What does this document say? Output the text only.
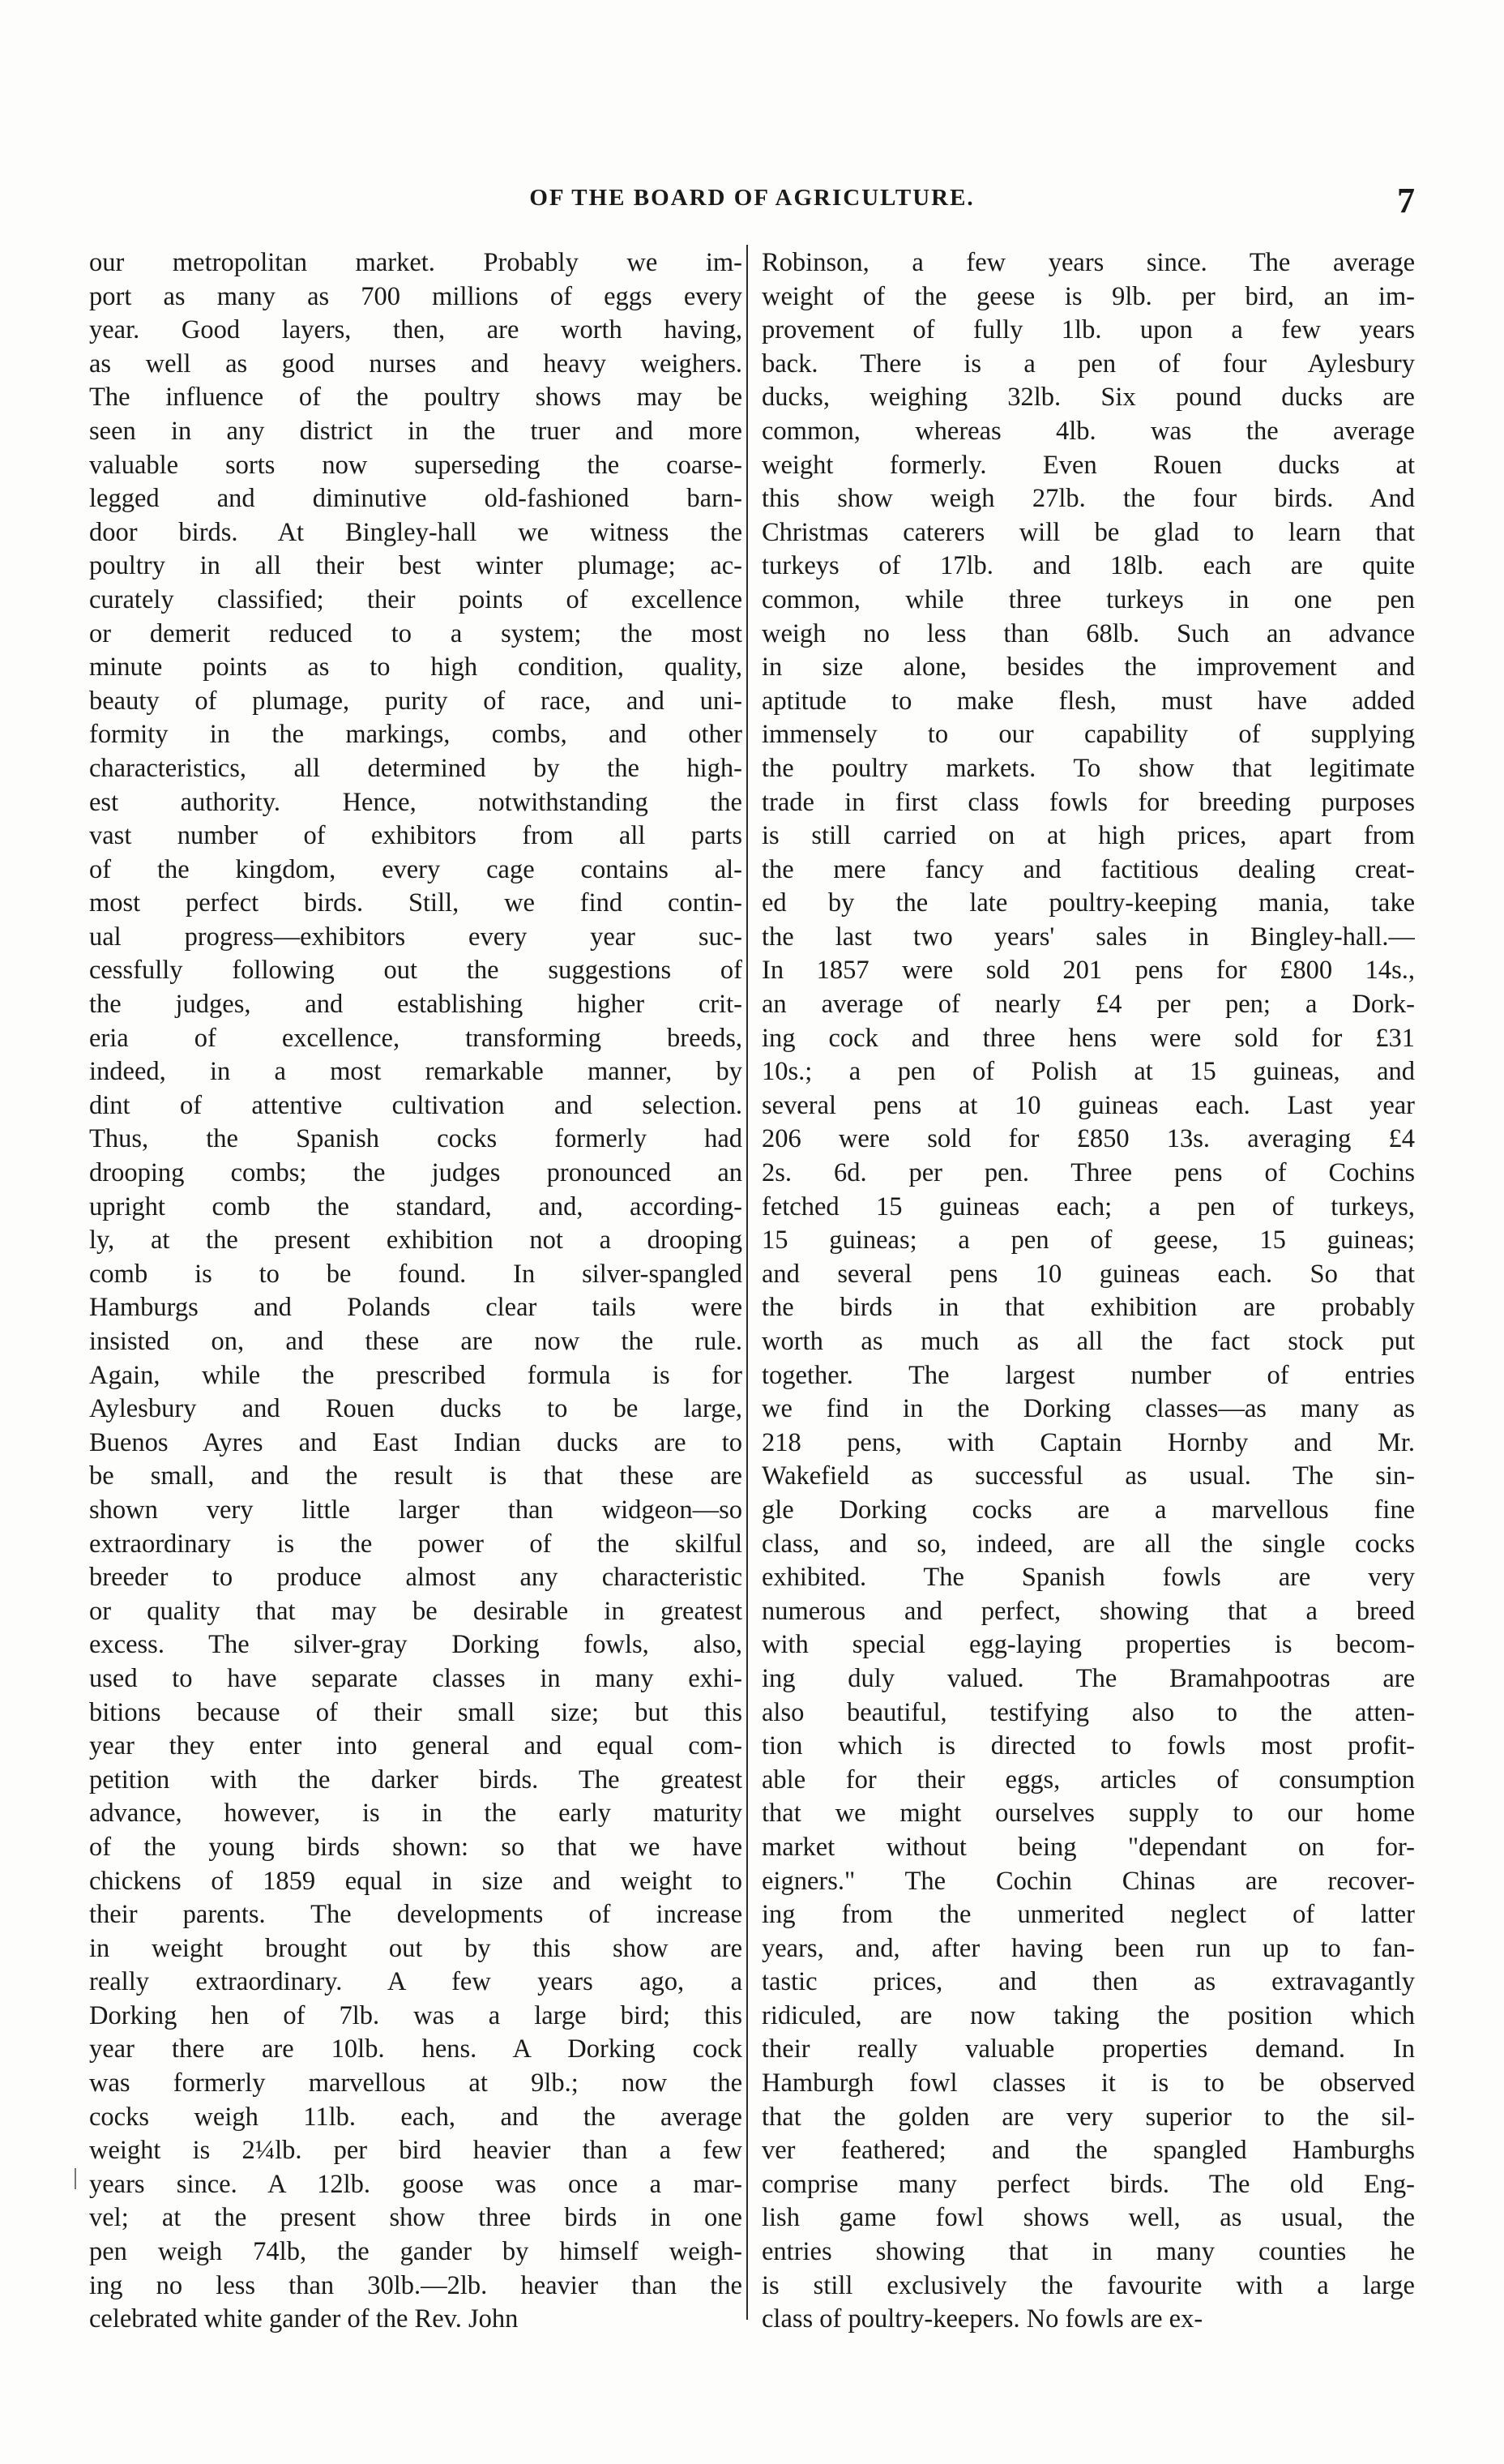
OF THE BOARD OF AGRICULTURE.	7
our metropolitan market. Probably we im-
port as many as 700 millions of eggs every
year. Good layers, then, are worth having,
as well as good nurses and heavy weighers.
The influence of the poultry shows may be
seen in any district in the truer and more
valuable sorts now superseding the coarse-
legged and diminutive old-fashioned barn-
door birds. At Bingley-hall we witness the
poultry in all their best winter plumage; ac-
curately classified; their points of excellence
or demerit reduced to a system; the most
minute points as to high condition, quality,
beauty of plumage, purity of race, and uni-
formity in the markings, combs, and other
characteristics, all determined by the high-
est authority. Hence, notwithstanding the
vast number of exhibitors from all parts
of the kingdom, every cage contains al-
most perfect birds. Still, we find contin-
ual progress—exhibitors every year suc-
cessfully following out the suggestions of
the judges, and establishing higher crit-
eria of excellence, transforming breeds,
indeed, in a most remarkable manner, by
dint of attentive cultivation and selection.
Thus, the Spanish cocks formerly had
drooping combs; the judges pronounced an
upright comb the standard, and, according-
ly, at the present exhibition not a drooping
comb is to be found. In silver-spangled
Hamburgs and Polands clear tails were
insisted on, and these are now the rule.
Again, while the prescribed formula is for
Aylesbury and Rouen ducks to be large,
Buenos Ayres and East Indian ducks are to
be small, and the result is that these are
shown very little larger than widgeon—so
extraordinary is the power of the skilful
breeder to produce almost any characteristic
or quality that may be desirable in greatest
excess. The silver-gray Dorking fowls, also,
used to have separate classes in many exhi-
bitions because of their small size; but this
year they enter into general and equal com-
petition with the darker birds. The greatest
advance, however, is in the early maturity
of the young birds shown: so that we have
chickens of 1859 equal in size and weight to
their parents. The developments of increase
in weight brought out by this show are
really extraordinary. A few years ago, a
Dorking hen of 7lb. was a large bird; this
year there are 10lb. hens. A Dorking cock
was formerly marvellous at 9lb.; now the
cocks weigh 11lb. each, and the average
weight is 2¼lb. per bird heavier than a few
years since. A 12lb. goose was once a mar-
vel; at the present show three birds in one
pen weigh 74lb, the gander by himself weigh-
ing no less than 30lb.—2lb. heavier than the
celebrated white gander of the Rev. John
Robinson, a few years since. The average
weight of the geese is 9lb. per bird, an im-
provement of fully 1lb. upon a few years
back. There is a pen of four Aylesbury
ducks, weighing 32lb. Six pound ducks are
common, whereas 4lb. was the average
weight formerly. Even Rouen ducks at
this show weigh 27lb. the four birds. And
Christmas caterers will be glad to learn that
turkeys of 17lb. and 18lb. each are quite
common, while three turkeys in one pen
weigh no less than 68lb. Such an advance
in size alone, besides the improvement and
aptitude to make flesh, must have added
immensely to our capability of supplying
the poultry markets. To show that legitimate
trade in first class fowls for breeding purposes
is still carried on at high prices, apart from
the mere fancy and factitious dealing creat-
ed by the late poultry-keeping mania, take
the last two years' sales in Bingley-hall.—
In 1857 were sold 201 pens for £800 14s.,
an average of nearly £4 per pen; a Dork-
ing cock and three hens were sold for £31
10s.; a pen of Polish at 15 guineas, and
several pens at 10 guineas each. Last year
206 were sold for £850 13s. averaging £4
2s. 6d. per pen. Three pens of Cochins
fetched 15 guineas each; a pen of turkeys,
15 guineas; a pen of geese, 15 guineas;
and several pens 10 guineas each. So that
the birds in that exhibition are probably
worth as much as all the fact stock put
together. The largest number of entries
we find in the Dorking classes—as many as
218 pens, with Captain Hornby and Mr.
Wakefield as successful as usual. The sin-
gle Dorking cocks are a marvellous fine
class, and so, indeed, are all the single cocks
exhibited. The Spanish fowls are very
numerous and perfect, showing that a breed
with special egg-laying properties is becom-
ing duly valued. The Bramahpootras are
also beautiful, testifying also to the atten-
tion which is directed to fowls most profit-
able for their eggs, articles of consumption
that we might ourselves supply to our home
market without being "dependant on for-
eigners." The Cochin Chinas are recover-
ing from the unmerited neglect of latter
years, and, after having been run up to fan-
tastic prices, and then as extravagantly
ridiculed, are now taking the position which
their really valuable properties demand. In
Hamburgh fowl classes it is to be observed
that the golden are very superior to the sil-
ver feathered; and the spangled Hamburghs
comprise many perfect birds. The old Eng-
lish game fowl shows well, as usual, the
entries showing that in many counties he
is still exclusively the favourite with a large
class of poultry-keepers. No fowls are ex-
